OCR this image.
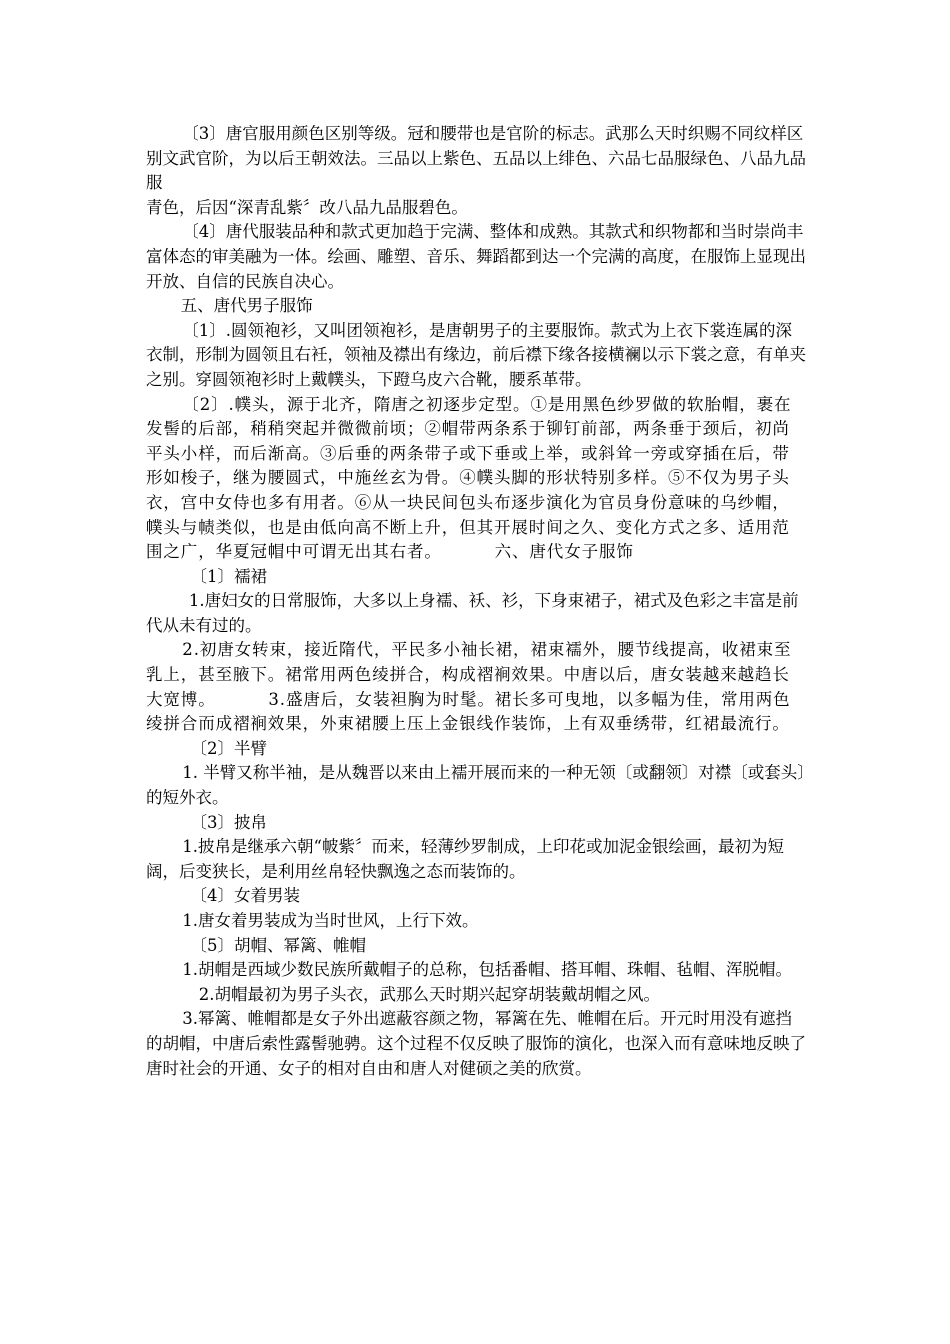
〔3〕唐官服用颜色区别等级。冠和腰带也是官阶的标志。武那么天时织赐不同纹样区别文武官阶，为以后王朝效法。三品以上紫色、五品以上绯色、六品七品服绿色、八品九品服

青色，后因“深青乱紫〞改八品九品服碧色。

〔4〕唐代服装品种和款式更加趋于完满、整体和成熟。其款式和织物都和当时崇尚丰富体态的审美融为一体。绘画、雕塑、音乐、舞蹈都到达一个完满的高度，在服饰上显现出开放、自信的民族自决心。

五、唐代男子服饰

〔1〕.圆领袍衫，又叫团领袍衫，是唐朝男子的主要服饰。款式为上衣下裳连属的深衣制，形制为圆领且右衽，领袖及襟出有缘边，前后襟下缘各接横襕以示下裳之意，有单夹之别。穿圆领袍衫时上戴幞头，下蹬乌皮六合靴，腰系革带。

〔2〕.幞头，源于北齐，隋唐之初逐步定型。①是用黑色纱罗做的软胎帽，裹在发髻的后部，稍稍突起并微微前顷；②帽带两条系于铆钉前部，两条垂于颈后，初尚平头小样，而后渐高。③后垂的两条带子或下垂或上举，或斜耸一旁或穿插在后，带形如梭子，继为腰圆式，中施丝玄为骨。④幞头脚的形状特别多样。⑤不仅为男子头衣，宫中女侍也多有用者。⑥从一块民间包头布逐步演化为官员身份意味的乌纱帽，幞头与帻类似，也是由低向高不断上升，但其开展时间之久、变化方式之多、适用范围之广，华夏冠帽中可谓无出其右者。	六、唐代女子服饰

〔1〕襦裙

1.唐妇女的日常服饰，大多以上身襦、袄、衫，下身束裙子，裙式及色彩之丰富是前代从未有过的。

2.初唐女转束，接近隋代，平民多小袖长裙，裙束襦外，腰节线提高，收裙束至乳上，甚至腋下。裙常用两色绫拼合，构成褶裥效果。中唐以后，唐女装越来越趋长大宽博。	3.盛唐后，女装袒胸为时髦。裙长多可曳地，以多幅为佳，常用两色绫拼合而成褶裥效果，外束裙腰上压上金银线作装饰，上有双垂绣带，红裙最流行。

〔2〕半臂

1. 半臂又称半袖，是从魏晋以来由上襦开展而来的一种无领〔或翻领〕对襟〔或套头〕的短外衣。

〔3〕披帛

1.披帛是继承六朝“帔紫〞而来，轻薄纱罗制成，上印花或加泥金银绘画，最初为短阔，后变狭长，是利用丝帛轻快飘逸之态而装饰的。

〔4〕女着男装

1.唐女着男装成为当时世风，上行下效。

〔5〕胡帽、幂篱、帷帽

1.胡帽是西域少数民族所戴帽子的总称，包括番帽、搭耳帽、珠帽、毡帽、浑脱帽。2.胡帽最初为男子头衣，武那么天时期兴起穿胡装戴胡帽之风。

3.幂篱、帷帽都是女子外出遮蔽容颜之物，幂篱在先、帷帽在后。开元时用没有遮挡的胡帽，中唐后索性露髻驰骋。这个过程不仅反映了服饰的演化，也深入而有意味地反映了唐时社会的开通、女子的相对自由和唐人对健硕之美的欣赏。
